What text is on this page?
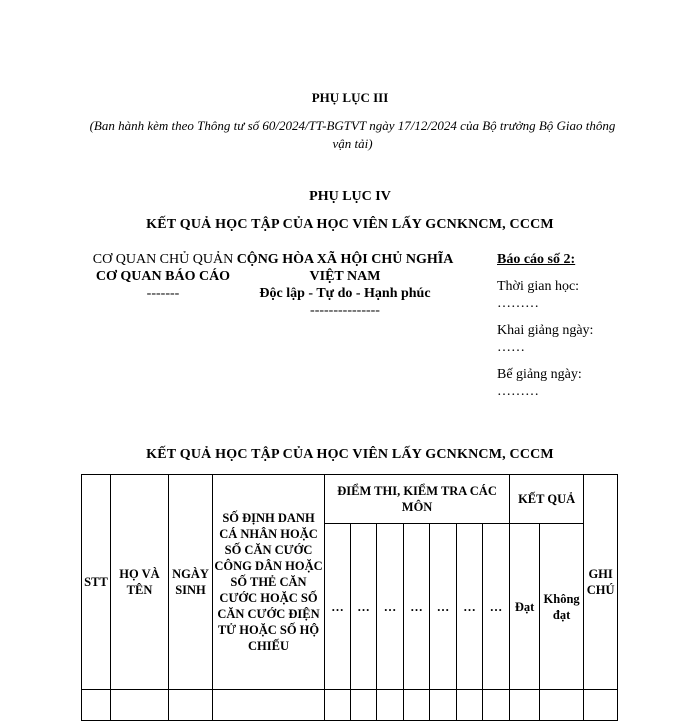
PHỤ LỤC III
(Ban hành kèm theo Thông tư số 60/2024/TT-BGTVT ngày 17/12/2024 của Bộ trưởng Bộ Giao thông vận tải)
PHỤ LỤC IV
KẾT QUẢ HỌC TẬP CỦA HỌC VIÊN LẤY GCNKNCM, CCCM
CƠ QUAN CHỦ QUẢN
CƠ QUAN BÁO CÁO
-------
CỘNG HÒA XÃ HỘI CHỦ NGHĨA VIỆT NAM
Độc lập - Tự do - Hạnh phúc
---------------
Báo cáo số 2:
Thời gian học:
………
Khai giảng ngày:
……
Bế giảng ngày:
………
KẾT QUẢ HỌC TẬP CỦA HỌC VIÊN LẤY GCNKNCM, CCCM
STT	HỌ VÀ TÊN	NGÀY SINH	SỐ ĐỊNH DANH CÁ NHÂN HOẶC SỐ CĂN CƯỚC CÔNG DÂN HOẶC SỐ THẺ CĂN CƯỚC HOẶC SỐ CĂN CƯỚC ĐIỆN TỬ HOẶC SỐ HỘ CHIẾU	ĐIỂM THI, KIỂM TRA CÁC MÔN							KẾT QUẢ		GHI CHÚ
				…	…	…	…	…	…	…	Đạt	Không đạt	
